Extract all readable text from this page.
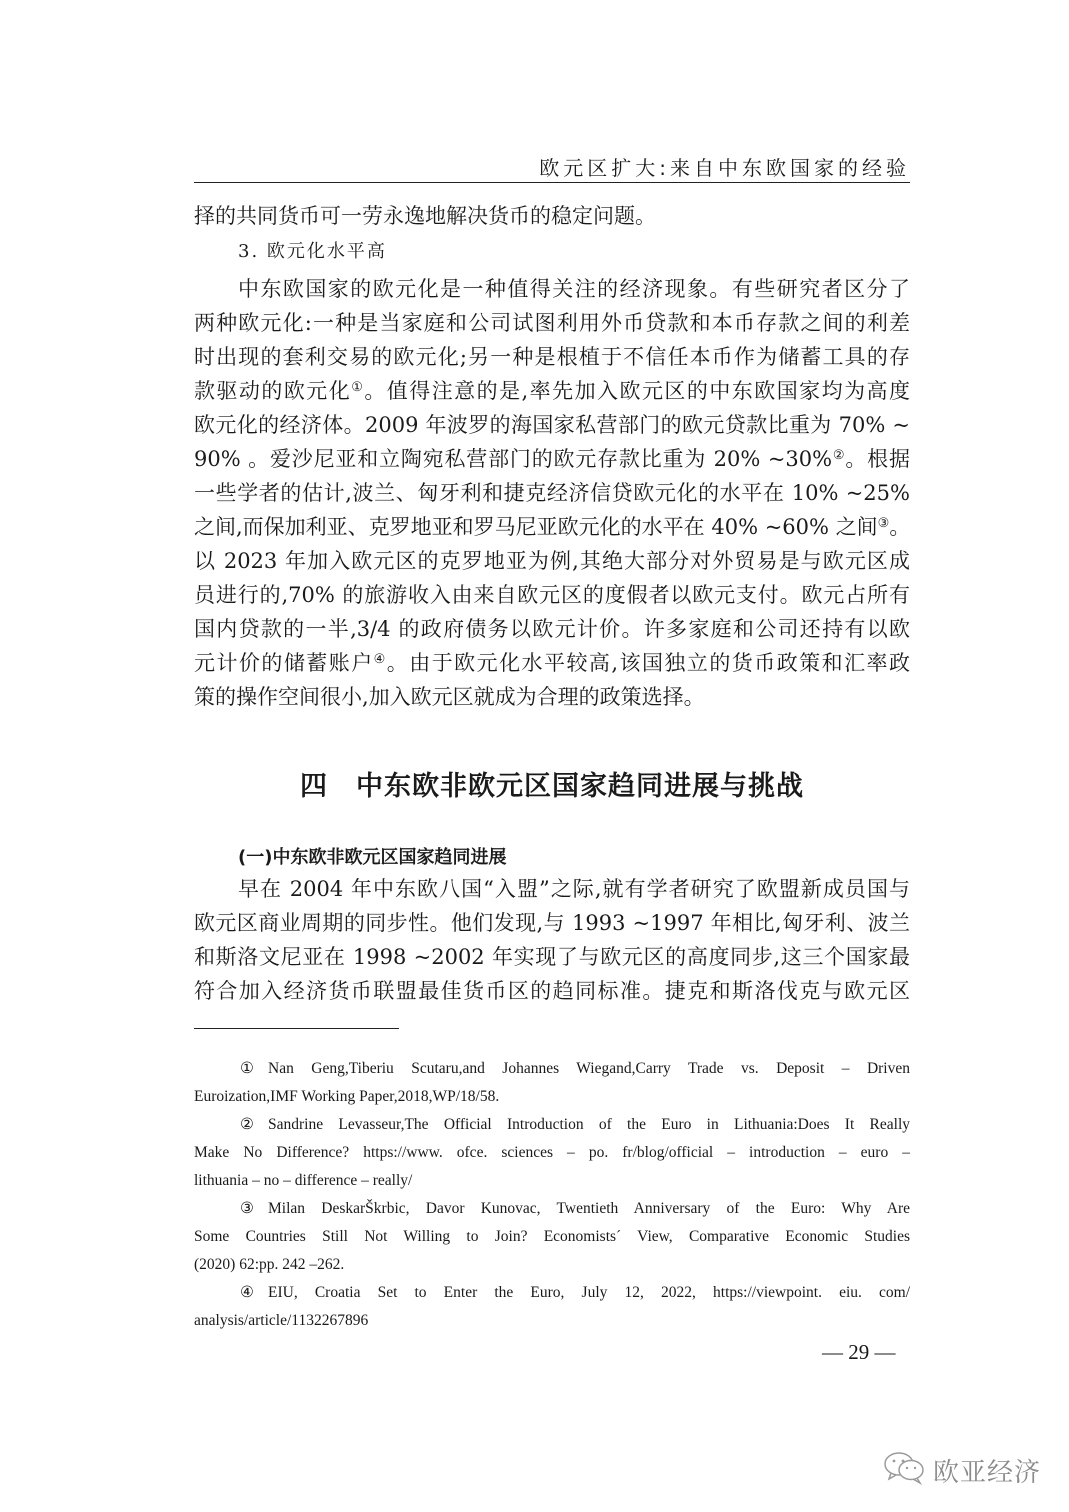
欧元区扩大:来自中东欧国家的经验
择的共同货币可一劳永逸地解决货币的稳定问题。
3. 欧元化水平高
中东欧国家的欧元化是一种值得关注的经济现象。有些研究者区分了
两种欧元化:一种是当家庭和公司试图利用外币贷款和本币存款之间的利差
时出现的套利交易的欧元化;另一种是根植于不信任本币作为储蓄工具的存
款驱动的欧元化①。值得注意的是,率先加入欧元区的中东欧国家均为高度
欧元化的经济体。2009 年波罗的海国家私营部门的欧元贷款比重为 70% ~
90% 。爱沙尼亚和立陶宛私营部门的欧元存款比重为 20% ~30%②。根据
一些学者的估计,波兰、匈牙利和捷克经济信贷欧元化的水平在 10% ~25%
之间,而保加利亚、克罗地亚和罗马尼亚欧元化的水平在 40% ~60% 之间③。
以 2023 年加入欧元区的克罗地亚为例,其绝大部分对外贸易是与欧元区成
员进行的,70% 的旅游收入由来自欧元区的度假者以欧元支付。欧元占所有
国内贷款的一半,3/4 的政府债务以欧元计价。许多家庭和公司还持有以欧
元计价的储蓄账户④。由于欧元化水平较高,该国独立的货币政策和汇率政
策的操作空间很小,加入欧元区就成为合理的政策选择。
四　中东欧非欧元区国家趋同进展与挑战
(一)中东欧非欧元区国家趋同进展
早在 2004 年中东欧八国“入盟”之际,就有学者研究了欧盟新成员国与
欧元区商业周期的同步性。他们发现,与 1993 ~1997 年相比,匈牙利、波兰
和斯洛文尼亚在 1998 ~2002 年实现了与欧元区的高度同步,这三个国家最
符合加入经济货币联盟最佳货币区的趋同标准。捷克和斯洛伐克与欧元区
① Nan Geng,Tiberiu Scutaru,and Johannes Wiegand,Carry Trade vs. Deposit – Driven
Euroization,IMF Working Paper,2018,WP/18/58.
② Sandrine Levasseur,The Official Introduction of the Euro in Lithuania:Does It Really
Make No Difference? https://www. ofce. sciences – po. fr/blog/official – introduction – euro –
lithuania – no – difference – really/
③ Milan DeskarŠkrbic, Davor Kunovac, Twentieth Anniversary of the Euro: Why Are
Some Countries Still Not Willing to Join? Economists´ View, Comparative Economic Studies
(2020) 62:pp. 242 –262.
④ EIU, Croatia Set to Enter the Euro, July 12, 2022, https://viewpoint. eiu. com/
analysis/article/1132267896
— 29 —
欧亚经济
